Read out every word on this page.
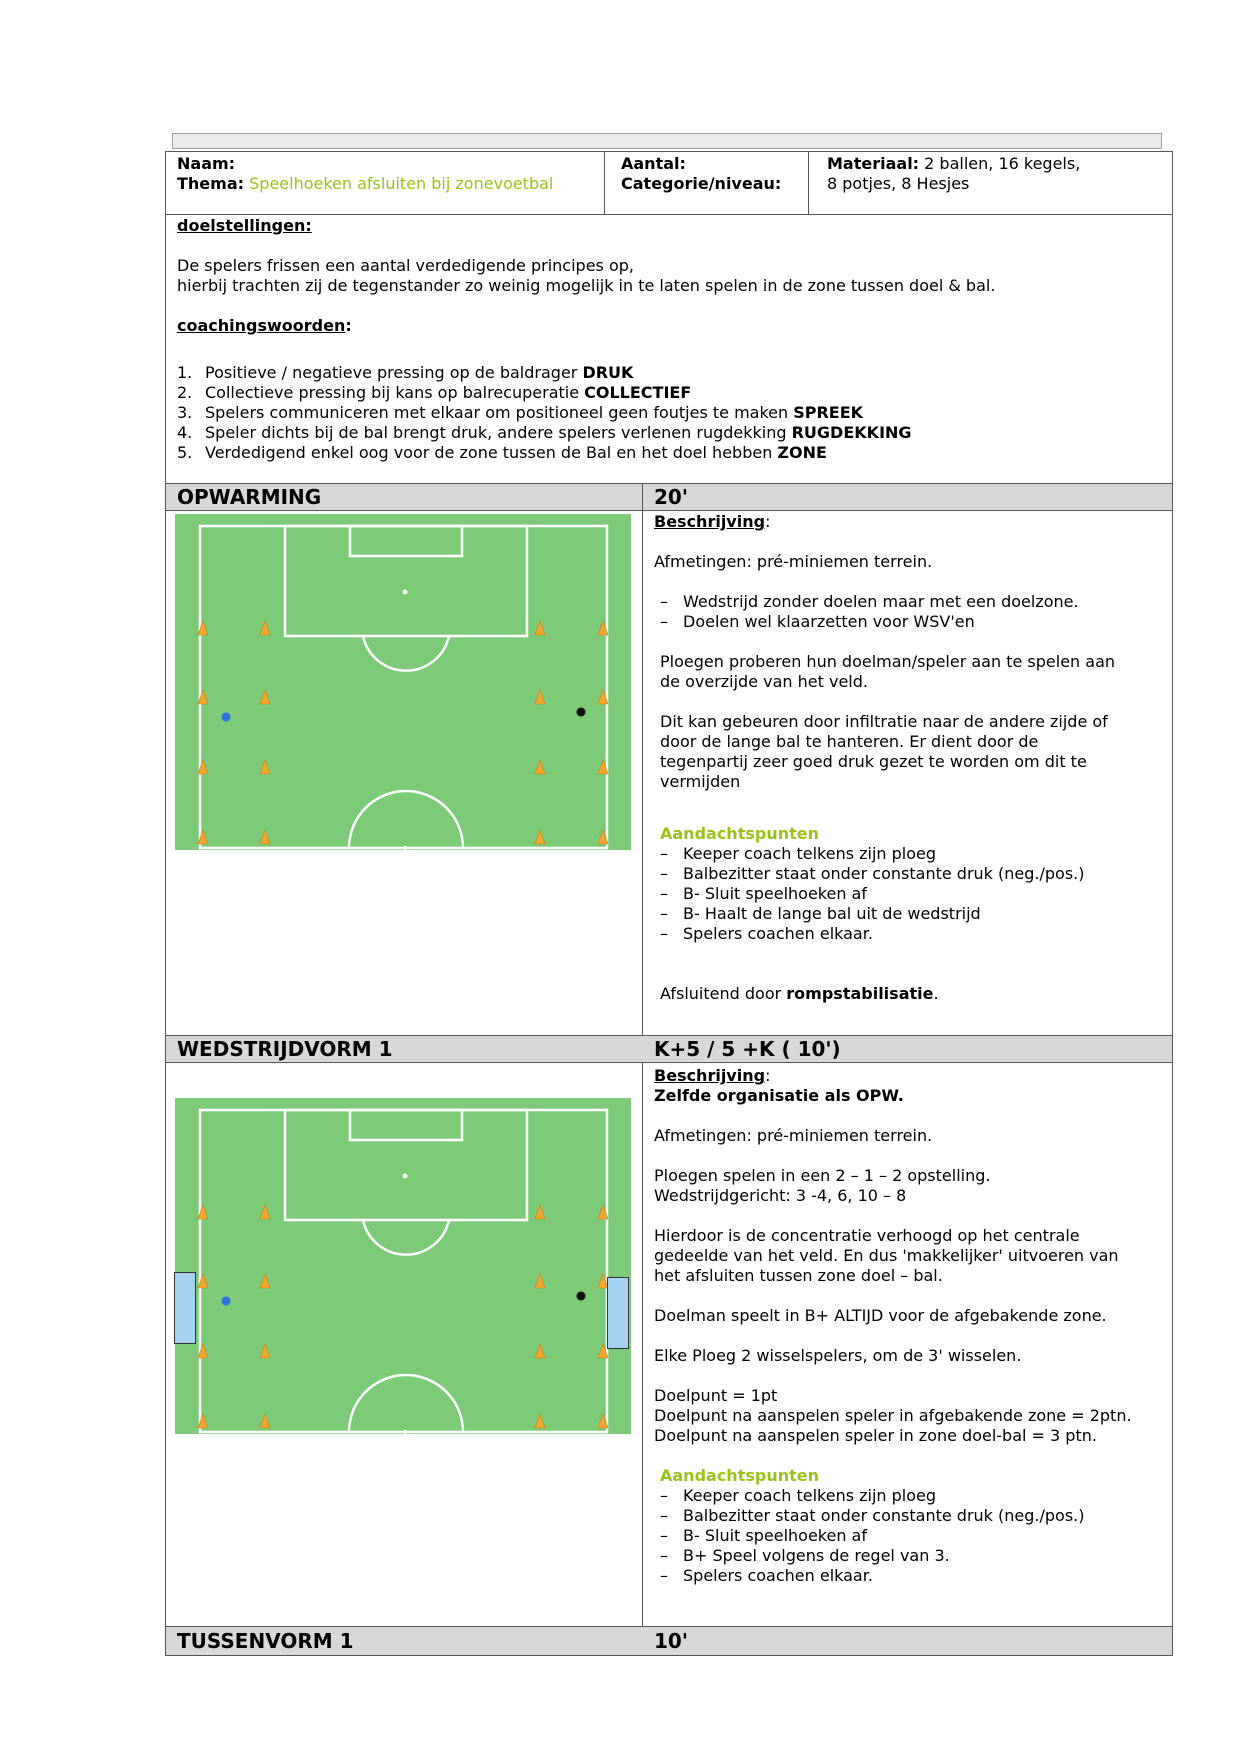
Naam:
Thema: Speelhoeken afsluiten bij zonevoetbal
Aantal:
Categorie/niveau:
Materiaal: 2 ballen, 16 kegels,
8 potjes, 8 Hesjes
doelstellingen:
De spelers frissen een aantal verdedigende principes op,
hierbij trachten zij de tegenstander zo weinig mogelijk in te laten spelen in de zone tussen doel & bal.
coachingswoorden:
1. Positieve / negatieve pressing op de baldrager DRUK
2. Collectieve pressing bij kans op balrecuperatie COLLECTIEF
3. Spelers communiceren met elkaar om positioneel geen foutjes te maken SPREEK
4. Speler dichts bij de bal brengt druk, andere spelers verlenen rugdekking RUGDEKKING
5. Verdedigend enkel oog voor de zone tussen de Bal en het doel hebben ZONE
OPWARMING	20'
Beschrijving:
Afmetingen: pré-miniemen terrein.
– Wedstrijd zonder doelen maar met een doelzone.
– Doelen wel klaarzetten voor WSV'en
Ploegen proberen hun doelman/speler aan te spelen aan
de overzijde van het veld.
Dit kan gebeuren door infiltratie naar de andere zijde of
door de lange bal te hanteren. Er dient door de
tegenpartij zeer goed druk gezet te worden om dit te
vermijden
Aandachtspunten
– Keeper coach telkens zijn ploeg
– Balbezitter staat onder constante druk (neg./pos.)
– B- Sluit speelhoeken af
– B- Haalt de lange bal uit de wedstrijd
– Spelers coachen elkaar.
Afsluitend door rompstabilisatie.
WEDSTRIJDVORM 1	K+5 / 5 +K ( 10')
Beschrijving:
Zelfde organisatie als OPW.
Afmetingen: pré-miniemen terrein.
Ploegen spelen in een 2 – 1 – 2 opstelling.
Wedstrijdgericht: 3 -4, 6, 10 – 8
Hierdoor is de concentratie verhoogd op het centrale
gedeelde van het veld. En dus 'makkelijker' uitvoeren van
het afsluiten tussen zone doel – bal.
Doelman speelt in B+ ALTIJD voor de afgebakende zone.
Elke Ploeg 2 wisselspelers, om de 3' wisselen.
Doelpunt = 1pt
Doelpunt na aanspelen speler in afgebakende zone = 2ptn.
Doelpunt na aanspelen speler in zone doel-bal = 3 ptn.
Aandachtspunten
– Keeper coach telkens zijn ploeg
– Balbezitter staat onder constante druk (neg./pos.)
– B- Sluit speelhoeken af
– B+ Speel volgens de regel van 3.
– Spelers coachen elkaar.
TUSSENVORM 1	10'
